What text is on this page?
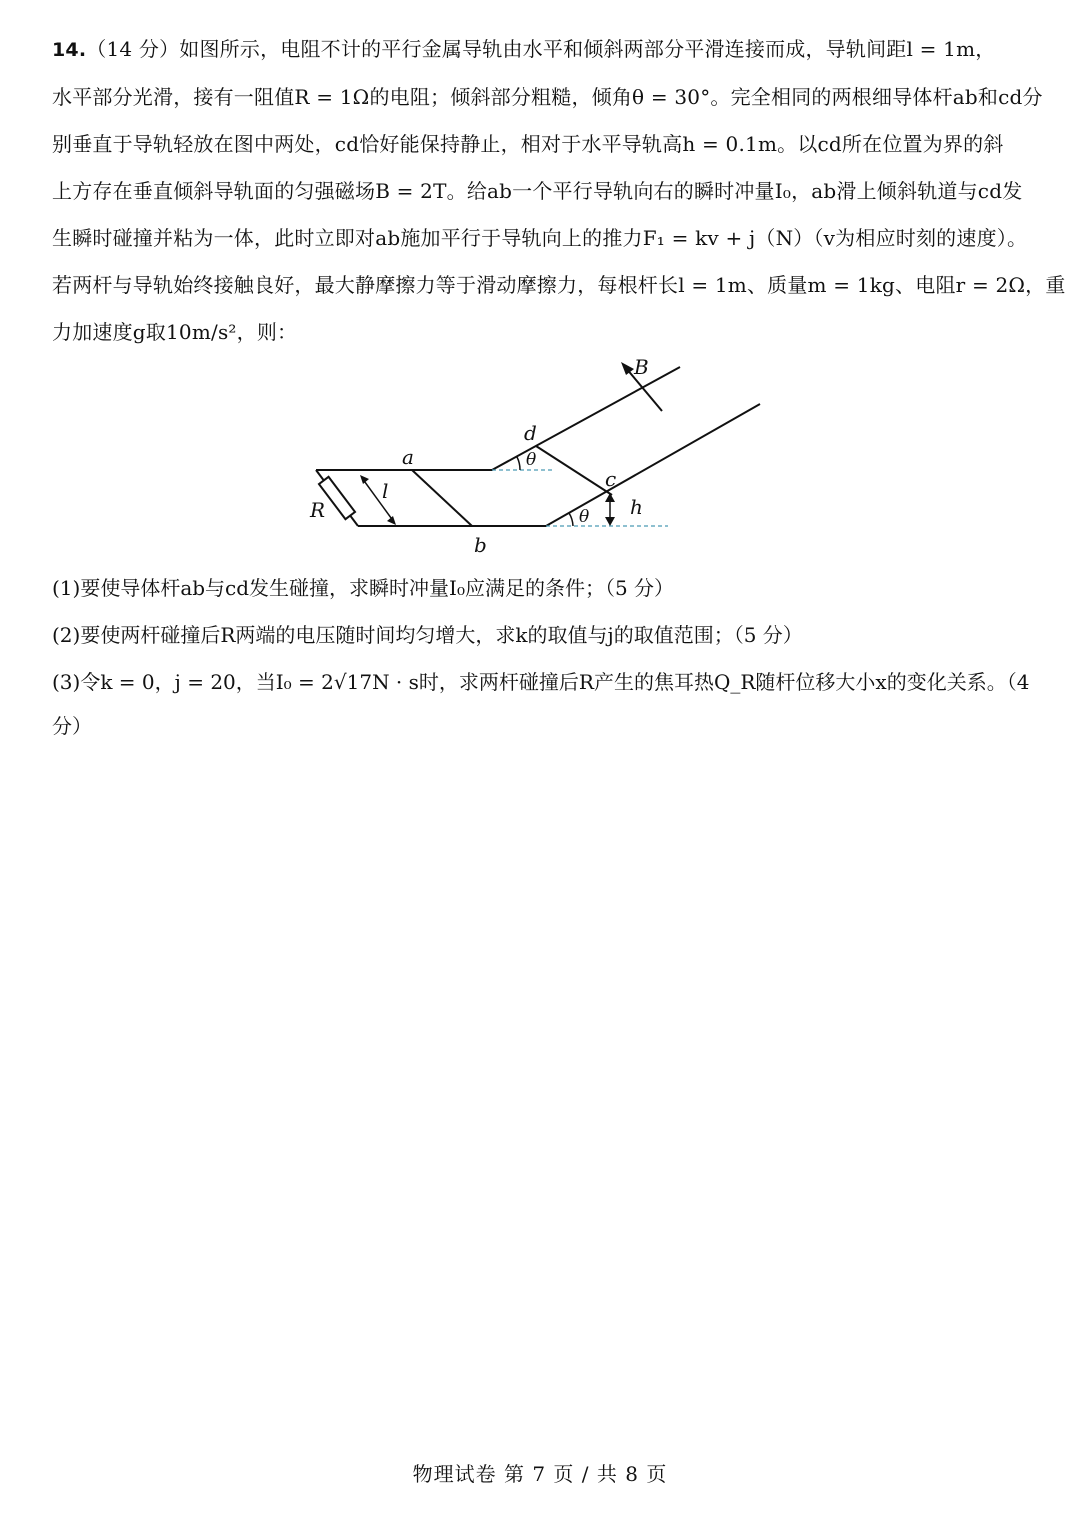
14.（14 分）如图所示，电阻不计的平行金属导轨由水平和倾斜两部分平滑连接而成，导轨间距l = 1m，
水平部分光滑，接有一阻值R = 1Ω的电阻；倾斜部分粗糙，倾角θ = 30°。完全相同的两根细导体杆ab和cd分
别垂直于导轨轻放在图中两处，cd恰好能保持静止，相对于水平导轨高h = 0.1m。以cd所在位置为界的斜
上方存在垂直倾斜导轨面的匀强磁场B = 2T。给ab一个平行导轨向右的瞬时冲量I₀，ab滑上倾斜轨道与cd发
生瞬时碰撞并粘为一体，此时立即对ab施加平行于导轨向上的推力F₁ = kv + j（N）（v为相应时刻的速度）。
若两杆与导轨始终接触良好，最大静摩擦力等于滑动摩擦力，每根杆长l = 1m、质量m = 1kg、电阻r = 2Ω，重
力加速度g取10m/s²，则：
B
d
θ
a
c
l
R	θ h
b
(1)要使导体杆ab与cd发生碰撞，求瞬时冲量I₀应满足的条件；（5 分）
(2)要使两杆碰撞后R两端的电压随时间均匀增大，求k的取值与j的取值范围；（5 分）
(3)令k = 0，j = 20，当I₀ = 2√17N · s时，求两杆碰撞后R产生的焦耳热Q_R随杆位移大小x的变化关系。（4
分）
物理试卷 第 7 页 / 共 8 页
